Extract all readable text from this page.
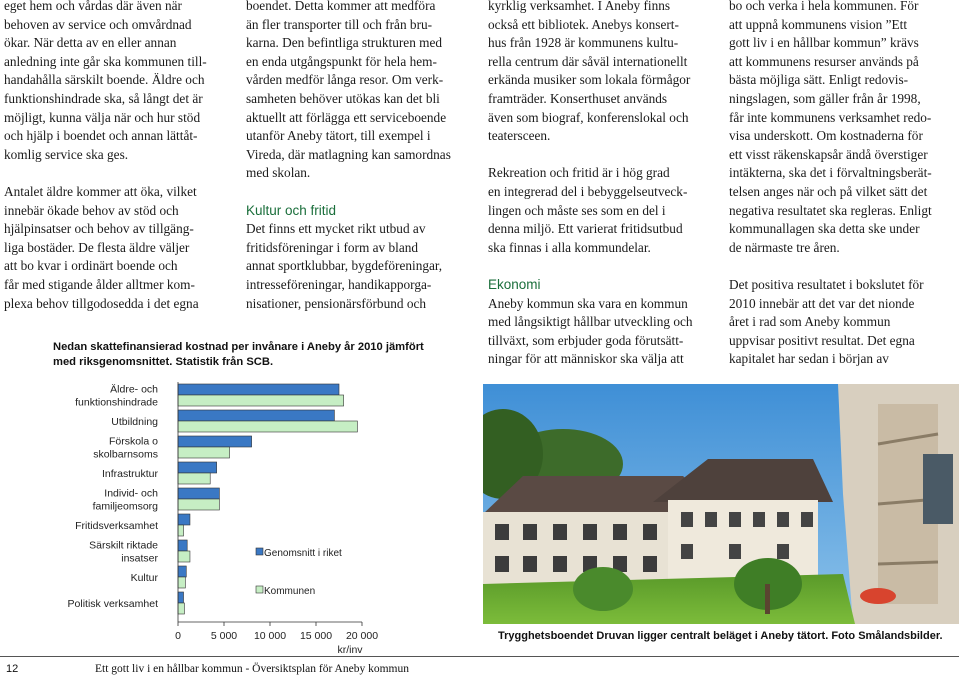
eget hem och vårdas där även när
behoven av service och omvårdnad
ökar. När detta av en eller annan
anledning inte går ska kommunen till-
handahålla särskilt boende. Äldre och
funktionshindrade ska, så långt det är
möjligt, kunna välja när och hur stöd
och hjälp i boendet och annan lättåt-
komlig service ska ges.

Antalet äldre kommer att öka, vilket
innebär ökade behov av stöd och
hjälpinsatser och behov av tillgäng-
liga bostäder. De flesta äldre väljer
att bo kvar i ordinärt boende och
får med stigande ålder alltmer kom-
plexa behov tillgodosedda i det egna

boendet. Detta kommer att medföra
än fler transporter till och från bru-
karna. Den befintliga strukturen med
en enda utgångspunkt för hela hem-
vården medför långa resor. Om verk-
samheten behöver utökas kan det bli
aktuellt att förlägga ett serviceboende
utanför Aneby tätort, till exempel i
Vireda, där matlagning kan samordnas
med skolan.

Kultur och fritid

Det finns ett mycket rikt utbud av
fritidsföreningar i form av bland
annat sportklubbar, bygdeföreningar,
intresseföreningar, handikapporga-
nisationer, pensionärsförbund och

kyrklig verksamhet. I Aneby finns
också ett bibliotek. Anebys konsert-
hus från 1928 är kommunens kultu-
rella centrum där såväl internationellt
erkända musiker som lokala förmågor
framträder. Konserthuset används
även som biograf, konferenslokal och
teatersceen.

Rekreation och fritid är i hög grad
en integrerad del i bebyggelseutveck-
lingen och måste ses som en del i
denna miljö. Ett varierat fritidsutbud
ska finnas i alla kommundelar.

Ekonomi

Aneby kommun ska vara en kommun
med långsiktigt hållbar utveckling och
tillväxt, som erbjuder goda förutsätt-
ningar för att människor ska välja att

bo och verka i hela kommunen. För
att uppnå kommunens vision ”Ett
gott liv i en hållbar kommun” krävs
att kommunens resurser används på
bästa möjliga sätt. Enligt redovis-
ningslagen, som gäller från år 1998,
får inte kommunens verksamhet redo-
visa underskott. Om kostnaderna för
ett visst räkenskapsår ändå överstiger
intäkterna, ska det i förvaltningsberät-
telsen anges när och på vilket sätt det
negativa resultatet ska regleras. Enligt
kommunallagen ska detta ske under
de närmaste tre åren.

Det positiva resultatet i bokslutet för
2010 innebär att det var det nionde
året i rad som Aneby kommun
uppvisar positivt resultat. Det egna
kapitalet har sedan i början av

Nedan skattefinansierad kostnad per invånare i Aneby år 2010 jämfört
med riksgenomsnittet. Statistik från SCB.
Äldre- och funktionshindrade
Utbildning
Förskola o skolbarnsoms
Infrastruktur
Individ- och familjeomsorg
Fritidsverksamhet
Särskilt riktade insatser
Kultur
Politisk verksamhet
0	5 000 10 000 15 000 20 000
kr/inv
Genomsnitt i riket
Kommunen
Trygghetsboendet Druvan ligger centralt beläget i Aneby tätort. Foto Smålandsbilder.
12	Ett gott liv i en hållbar kommun - Översiktsplan för Aneby kommun
